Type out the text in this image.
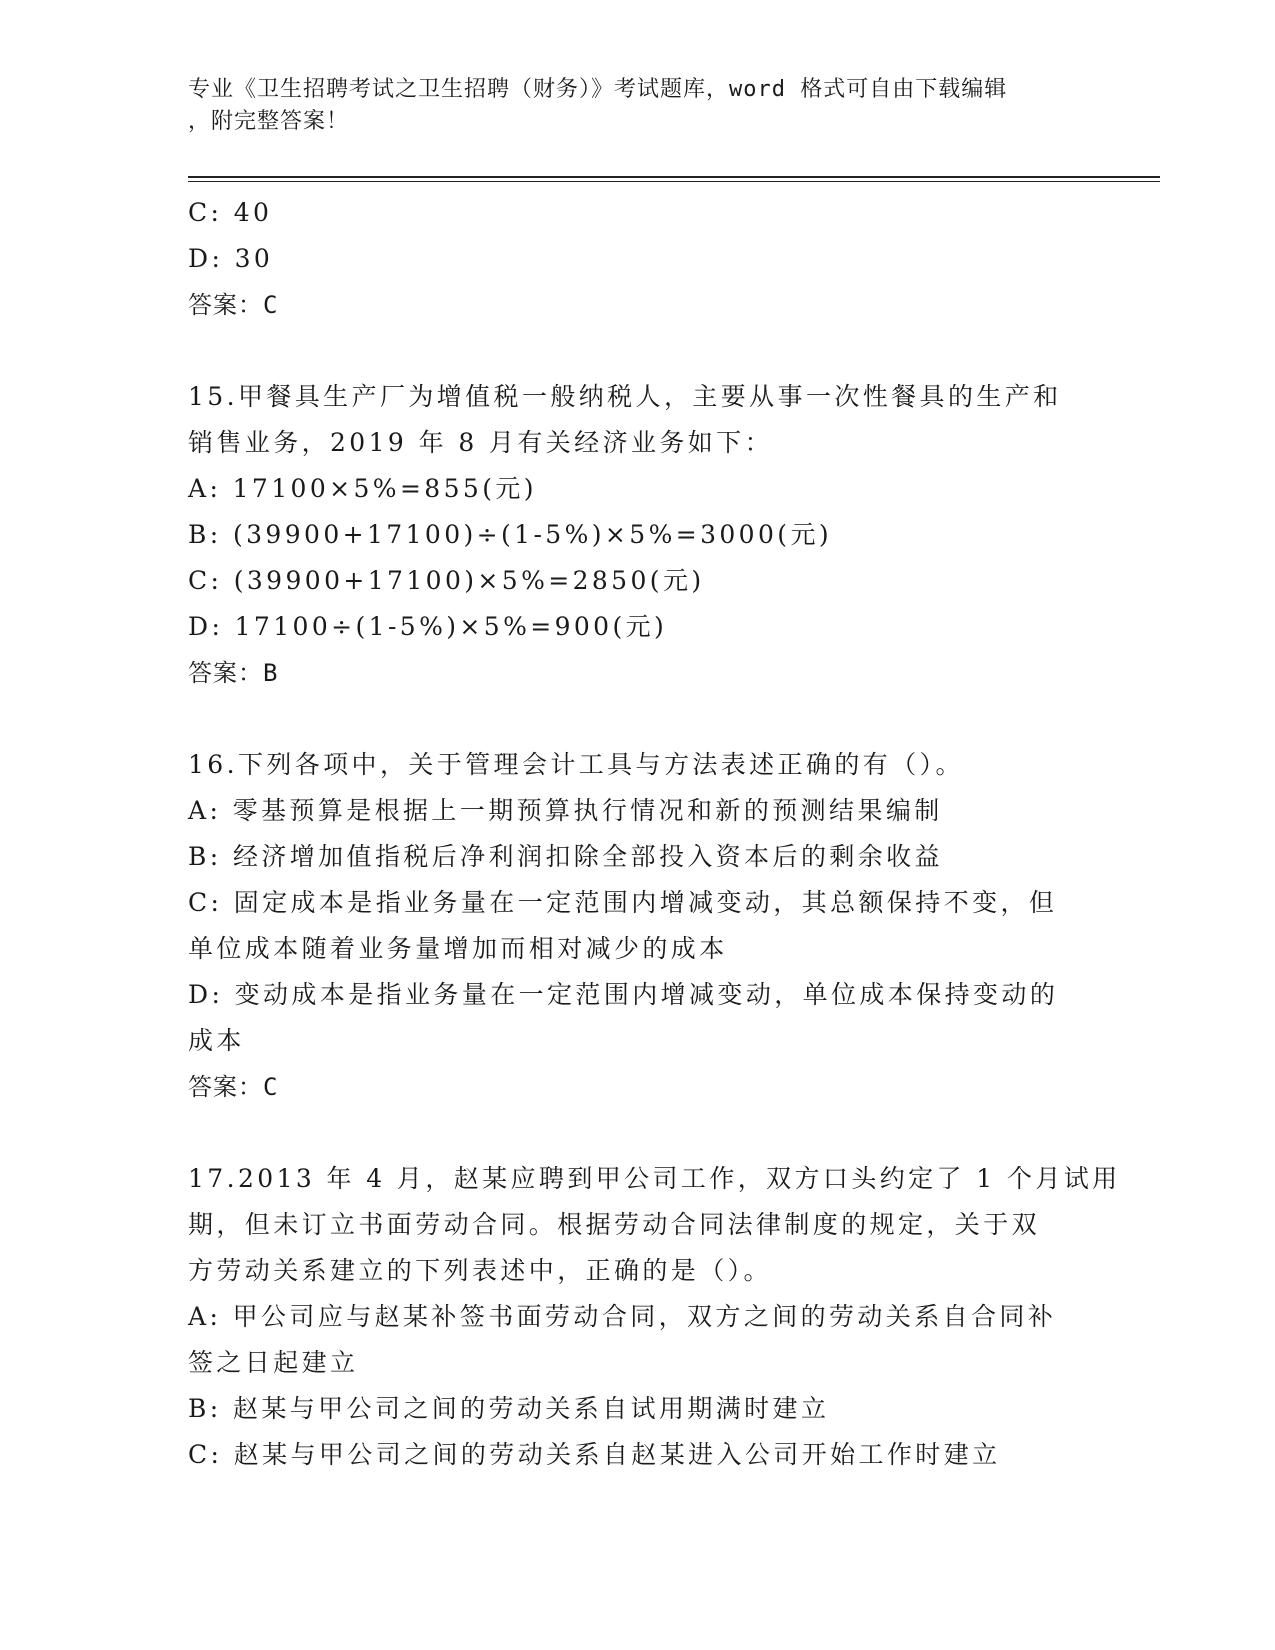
专业《卫生招聘考试之卫生招聘（财务）》考试题库，word 格式可自由下载编辑
，附完整答案！
C: 40
D: 30
答案：C
15.甲餐具生产厂为增值税一般纳税人，主要从事一次性餐具的生产和
销售业务，2019 年 8 月有关经济业务如下：
A: 17100×5%=855(元)
B: (39900+17100)÷(1-5%)×5%=3000(元)
C: (39900+17100)×5%=2850(元)
D: 17100÷(1-5%)×5%=900(元)
答案：B
16.下列各项中，关于管理会计工具与方法表述正确的有（）。
A: 零基预算是根据上一期预算执行情况和新的预测结果编制
B: 经济增加值指税后净利润扣除全部投入资本后的剩余收益
C: 固定成本是指业务量在一定范围内增减变动，其总额保持不变，但
单位成本随着业务量增加而相对减少的成本
D: 变动成本是指业务量在一定范围内增减变动，单位成本保持变动的
成本
答案：C
17.2013 年 4 月，赵某应聘到甲公司工作，双方口头约定了 1 个月试用
期，但未订立书面劳动合同。根据劳动合同法律制度的规定，关于双
方劳动关系建立的下列表述中，正确的是（）。
A: 甲公司应与赵某补签书面劳动合同，双方之间的劳动关系自合同补
签之日起建立
B: 赵某与甲公司之间的劳动关系自试用期满时建立
C: 赵某与甲公司之间的劳动关系自赵某进入公司开始工作时建立
